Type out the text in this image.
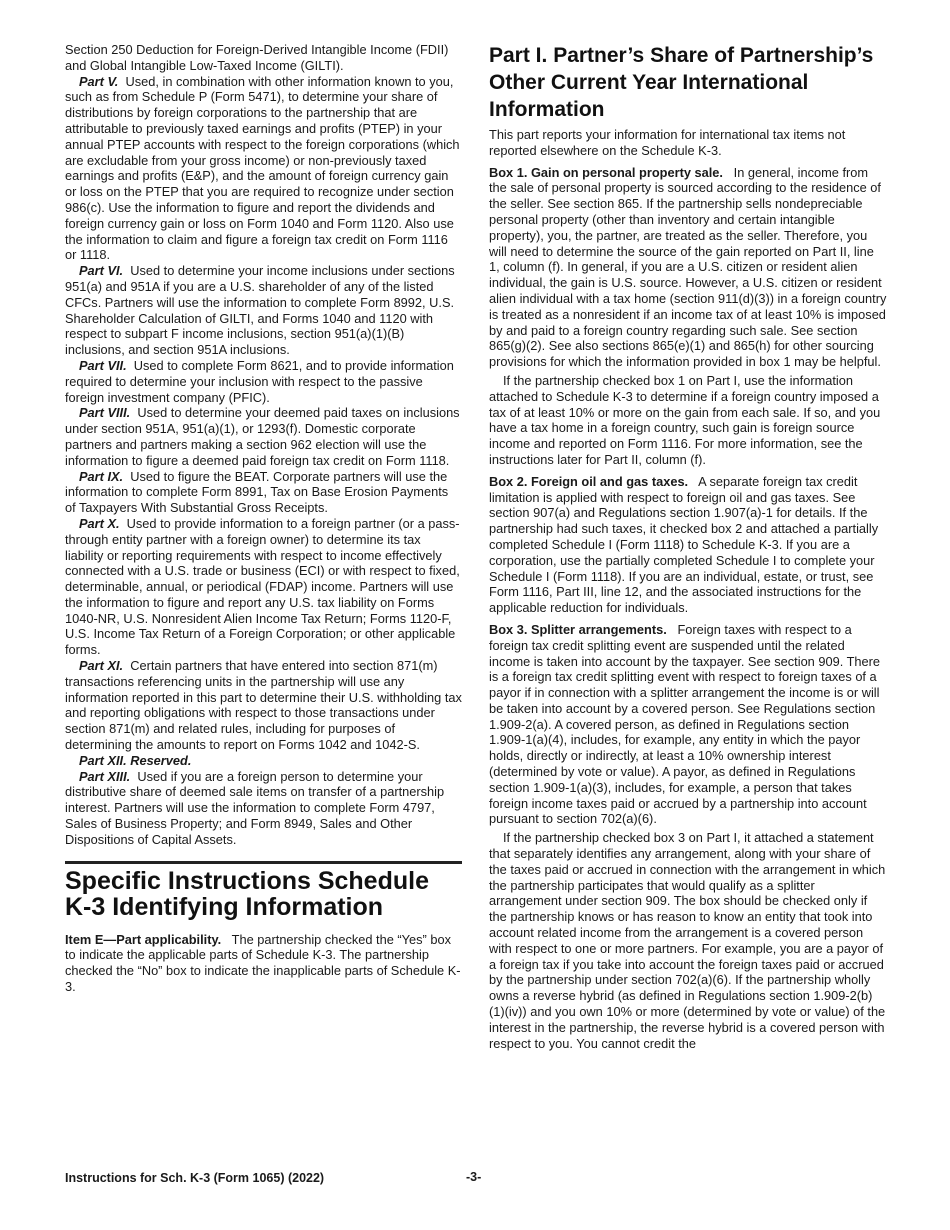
Section 250 Deduction for Foreign-Derived Intangible Income (FDII) and Global Intangible Low-Taxed Income (GILTI).

Part V. Used, in combination with other information known to you, such as from Schedule P (Form 5471), to determine your share of distributions by foreign corporations to the partnership that are attributable to previously taxed earnings and profits (PTEP) in your annual PTEP accounts with respect to the foreign corporations (which are excludable from your gross income) or non-previously taxed earnings and profits (E&P), and the amount of foreign currency gain or loss on the PTEP that you are required to recognize under section 986(c). Use the information to figure and report the dividends and foreign currency gain or loss on Form 1040 and Form 1120. Also use the information to claim and figure a foreign tax credit on Form 1116 or 1118.

Part VI. Used to determine your income inclusions under sections 951(a) and 951A if you are a U.S. shareholder of any of the listed CFCs. Partners will use the information to complete Form 8992, U.S. Shareholder Calculation of GILTI, and Forms 1040 and 1120 with respect to subpart F income inclusions, section 951(a)(1)(B) inclusions, and section 951A inclusions.

Part VII. Used to complete Form 8621, and to provide information required to determine your inclusion with respect to the passive foreign investment company (PFIC).

Part VIII. Used to determine your deemed paid taxes on inclusions under section 951A, 951(a)(1), or 1293(f). Domestic corporate partners and partners making a section 962 election will use the information to figure a deemed paid foreign tax credit on Form 1118.

Part IX. Used to figure the BEAT. Corporate partners will use the information to complete Form 8991, Tax on Base Erosion Payments of Taxpayers With Substantial Gross Receipts.

Part X. Used to provide information to a foreign partner (or a pass-through entity partner with a foreign owner) to determine its tax liability or reporting requirements with respect to income effectively connected with a U.S. trade or business (ECI) or with respect to fixed, determinable, annual, or periodical (FDAP) income. Partners will use the information to figure and report any U.S. tax liability on Forms 1040-NR, U.S. Nonresident Alien Income Tax Return; Forms 1120-F, U.S. Income Tax Return of a Foreign Corporation; or other applicable forms.

Part XI. Certain partners that have entered into section 871(m) transactions referencing units in the partnership will use any information reported in this part to determine their U.S. withholding tax and reporting obligations with respect to those transactions under section 871(m) and related rules, including for purposes of determining the amounts to report on Forms 1042 and 1042-S.

Part XII. Reserved.

Part XIII. Used if you are a foreign person to determine your distributive share of deemed sale items on transfer of a partnership interest. Partners will use the information to complete Form 4797, Sales of Business Property; and Form 8949, Sales and Other Dispositions of Capital Assets.

Specific Instructions Schedule K-3 Identifying Information

Item E—Part applicability. The partnership checked the “Yes” box to indicate the applicable parts of Schedule K-3. The partnership checked the “No” box to indicate the inapplicable parts of Schedule K-3.

Part I. Partner’s Share of Partnership’s Other Current Year International Information

This part reports your information for international tax items not reported elsewhere on the Schedule K-3.

Box 1. Gain on personal property sale. In general, income from the sale of personal property is sourced according to the residence of the seller. See section 865. If the partnership sells nondepreciable personal property (other than inventory and certain intangible property), you, the partner, are treated as the seller. Therefore, you will need to determine the source of the gain reported on Part II, line 1, column (f). In general, if you are a U.S. citizen or resident alien individual, the gain is U.S. source. However, a U.S. citizen or resident alien individual with a tax home (section 911(d)(3)) in a foreign country is treated as a nonresident if an income tax of at least 10% is imposed by and paid to a foreign country regarding such sale. See section 865(g)(2). See also sections 865(e)(1) and 865(h) for other sourcing provisions for which the information provided in box 1 may be helpful.

If the partnership checked box 1 on Part I, use the information attached to Schedule K-3 to determine if a foreign country imposed a tax of at least 10% or more on the gain from each sale. If so, and you have a tax home in a foreign country, such gain is foreign source income and reported on Form 1116. For more information, see the instructions later for Part II, column (f).

Box 2. Foreign oil and gas taxes. A separate foreign tax credit limitation is applied with respect to foreign oil and gas taxes. See section 907(a) and Regulations section 1.907(a)-1 for details. If the partnership had such taxes, it checked box 2 and attached a partially completed Schedule I (Form 1118) to Schedule K-3. If you are a corporation, use the partially completed Schedule I to complete your Schedule I (Form 1118). If you are an individual, estate, or trust, see Form 1116, Part III, line 12, and the associated instructions for the applicable reduction for individuals.

Box 3. Splitter arrangements. Foreign taxes with respect to a foreign tax credit splitting event are suspended until the related income is taken into account by the taxpayer. See section 909. There is a foreign tax credit splitting event with respect to foreign taxes of a payor if in connection with a splitter arrangement the income is or will be taken into account by a covered person. See Regulations section 1.909-2(a). A covered person, as defined in Regulations section 1.909-1(a)(4), includes, for example, any entity in which the payor holds, directly or indirectly, at least a 10% ownership interest (determined by vote or value). A payor, as defined in Regulations section 1.909-1(a)(3), includes, for example, a person that takes foreign income taxes paid or accrued by a partnership into account pursuant to section 702(a)(6).

If the partnership checked box 3 on Part I, it attached a statement that separately identifies any arrangement, along with your share of the taxes paid or accrued in connection with the arrangement in which the partnership participates that would qualify as a splitter arrangement under section 909. The box should be checked only if the partnership knows or has reason to know an entity that took into account related income from the arrangement is a covered person with respect to one or more partners. For example, you are a payor of a foreign tax if you take into account the foreign taxes paid or accrued by the partnership under section 702(a)(6). If the partnership wholly owns a reverse hybrid (as defined in Regulations section 1.909-2(b)(1)(iv)) and you own 10% or more (determined by vote or value) of the interest in the partnership, the reverse hybrid is a covered person with respect to you. You cannot credit the

Instructions for Sch. K-3 (Form 1065) (2022)	-3-
